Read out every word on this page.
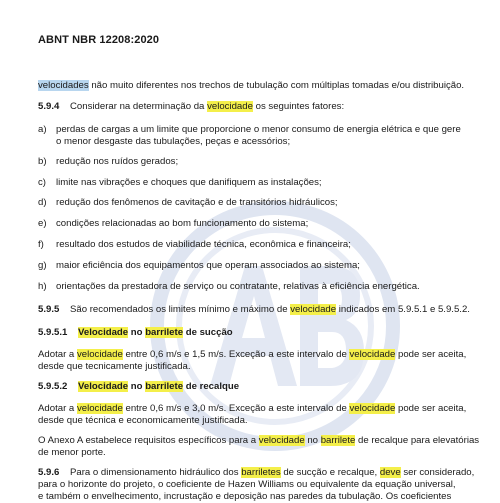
ABNT NBR 12208:2020
velocidades não muito diferentes nos trechos de tubulação com múltiplas tomadas e/ou distribuição.
5.9.4 Considerar na determinação da velocidade os seguintes fatores:
a) perdas de cargas a um limite que proporcione o menor consumo de energia elétrica e que gere
o menor desgaste das tubulações, peças e acessórios;
b) redução nos ruídos gerados;
c) limite nas vibrações e choques que danifiquem as instalações;
d) redução dos fenômenos de cavitação e de transitórios hidráulicos;
e) condições relacionadas ao bom funcionamento do sistema;
f) resultado dos estudos de viabilidade técnica, econômica e financeira;
g) maior eficiência dos equipamentos que operam associados ao sistema;
h) orientações da prestadora de serviço ou contratante, relativas à eficiência energética.
5.9.5 São recomendados os limites mínimo e máximo de velocidade indicados em 5.9.5.1 e 5.9.5.2.
5.9.5.1 Velocidade no barrilete de sucção
Adotar a velocidade entre 0,6 m/s e 1,5 m/s. Exceção a este intervalo de velocidade pode ser aceita,
desde que tecnicamente justificada.
5.9.5.2 Velocidade no barrilete de recalque
Adotar a velocidade entre 0,6 m/s e 3,0 m/s. Exceção a este intervalo de velocidade pode ser aceita,
desde que técnica e economicamente justificada.
O Anexo A estabelece requisitos específicos para a velocidade no barrilete de recalque para elevatórias
de menor porte.
5.9.6 Para o dimensionamento hidráulico dos barriletes de sucção e recalque, deve ser considerado,
para o horizonte do projeto, o coeficiente de Hazen Williams ou equivalente da equação universal,
e também o envelhecimento, incrustação e deposição nas paredes da tubulação. Os coeficientes
